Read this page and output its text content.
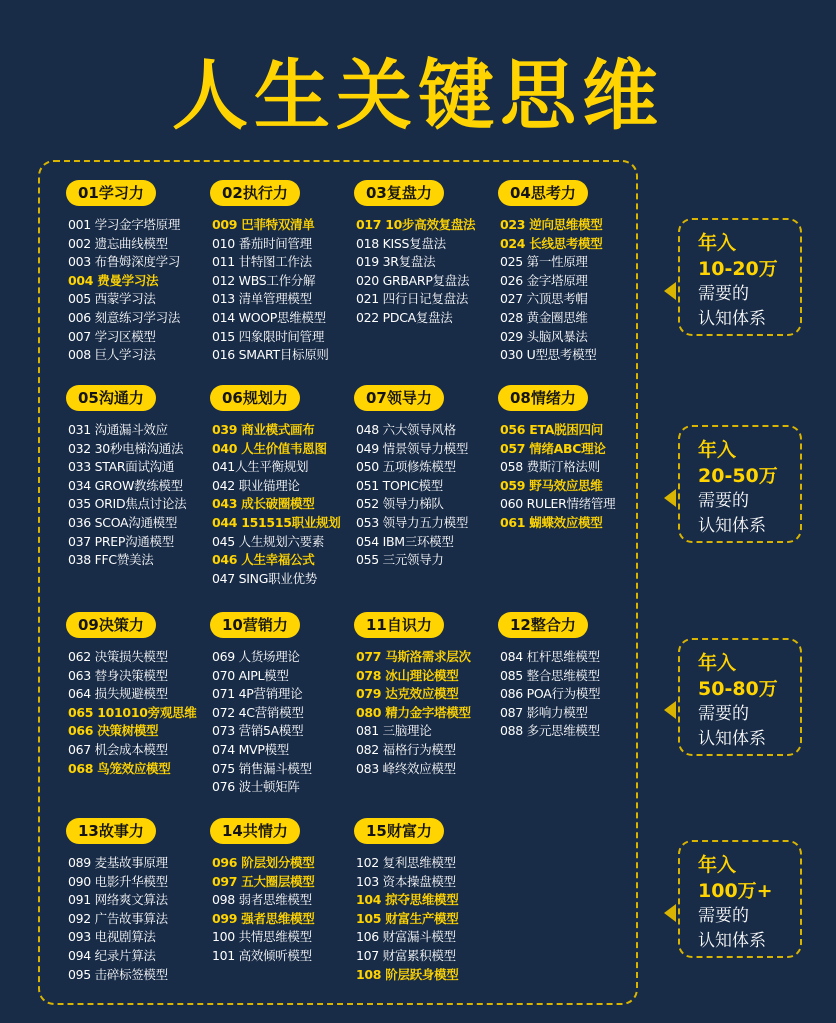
人生关键思维
01学习力
001 学习金字塔原理
002 遗忘曲线模型
003 布鲁姆深度学习
004 费曼学习法
005 西蒙学习法
006 刻意练习学习法
007 学习区模型
008 巨人学习法
02执行力
009 巴菲特双清单
010 番茄时间管理
011 甘特图工作法
012 WBS工作分解
013 清单管理模型
014 WOOP思维模型
015 四象限时间管理
016 SMART目标原则
03复盘力
017 10步高效复盘法
018 KISS复盘法
019 3R复盘法
020 GRBARP复盘法
021 四行日记复盘法
022 PDCA复盘法
04思考力
023 逆向思维模型
024 长线思考模型
025 第一性原理
026 金字塔原理
027 六顶思考帽
028 黄金圈思维
029 头脑风暴法
030 U型思考模型
05沟通力
031 沟通漏斗效应
032 30秒电梯沟通法
033 STAR面试沟通
034 GROW教练模型
035 ORID焦点讨论法
036 SCOA沟通模型
037 PREP沟通模型
038 FFC赞美法
06规划力
039 商业模式画布
040 人生价值韦恩图
041人生平衡规划
042 职业锚理论
043 成长破圈模型
044 151515职业规划
045 人生规划六要素
046 人生幸福公式
047 SING职业优势
07领导力
048 六大领导风格
049 情景领导力模型
050 五项修炼模型
051 TOPIC模型
052 领导力梯队
053 领导力五力模型
054 IBM三环模型
055 三元领导力
08情绪力
056 ETA脱困四问
057 情绪ABC理论
058 费斯汀格法则
059 野马效应思维
060 RULER情绪管理
061 蝴蝶效应模型
09决策力
062 决策损失模型
063 替身决策模型
064 损失规避模型
065 101010旁观思维
066 决策树模型
067 机会成本模型
068 鸟笼效应模型
10营销力
069 人货场理论
070 AIPL模型
071 4P营销理论
072 4C营销模型
073 营销5A模型
074 MVP模型
075 销售漏斗模型
076 波士顿矩阵
11自识力
077 马斯洛需求层次
078 冰山理论模型
079 达克效应模型
080 精力金字塔模型
081 三脑理论
082 福格行为模型
083 峰终效应模型
12整合力
084 杠杆思维模型
085 整合思维模型
086 POA行为模型
087 影响力模型
088 多元思维模型
13故事力
089 麦基故事原理
090 电影升华模型
091 网络爽文算法
092 广告故事算法
093 电视剧算法
094 纪录片算法
095 击碎标签模型
14共情力
096 阶层划分模型
097 五大圈层模型
098 弱者思维模型
099 强者思维模型
100 共情思维模型
101 高效倾听模型
15财富力
102 复利思维模型
103 资本操盘模型
104 掠夺思维模型
105 财富生产模型
106 财富漏斗模型
107 财富累积模型
108 阶层跃身模型
年入
10-20万
需要的
认知体系
年入
20-50万
需要的
认知体系
年入
50-80万
需要的
认知体系
年入
100万+
需要的
认知体系
